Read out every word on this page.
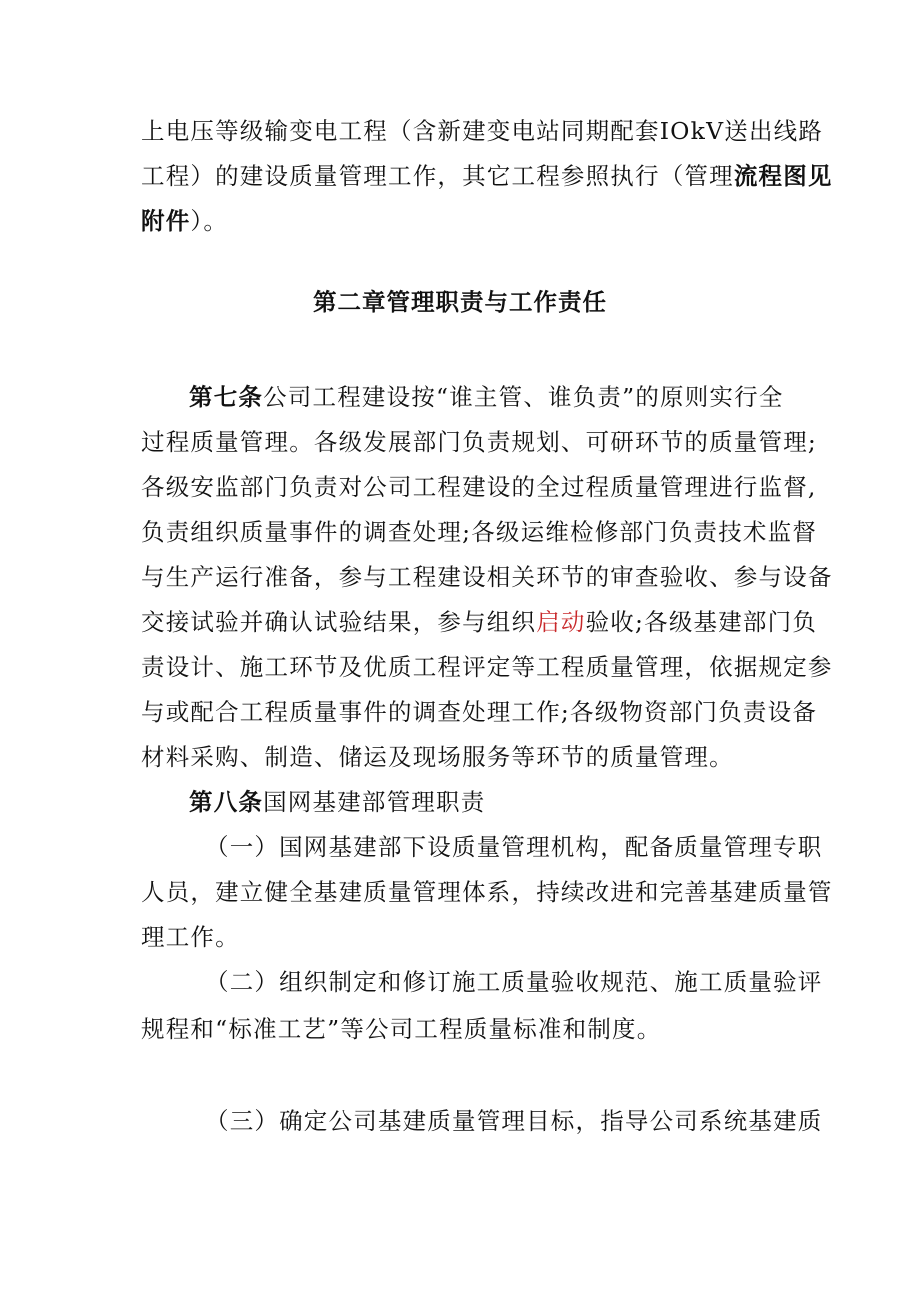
上电压等级输变电工程（含新建变电站同期配套IOkV送出线路
工程）的建设质量管理工作，其它工程参照执行（管理流程图见
附件）。
第二章管理职责与工作责任
第七条公司工程建设按“谁主管、谁负责”的原则实行全
过程质量管理。各级发展部门负责规划、可研环节的质量管理;
各级安监部门负责对公司工程建设的全过程质量管理进行监督,
负责组织质量事件的调查处理;各级运维检修部门负责技术监督
与生产运行准备，参与工程建设相关环节的审查验收、参与设备
交接试验并确认试验结果，参与组织启动验收;各级基建部门负
责设计、施工环节及优质工程评定等工程质量管理，依据规定参
与或配合工程质量事件的调查处理工作;各级物资部门负责设备
材料采购、制造、储运及现场服务等环节的质量管理。
第八条国网基建部管理职责
（一）国网基建部下设质量管理机构，配备质量管理专职
人员，建立健全基建质量管理体系，持续改进和完善基建质量管
理工作。
（二）组织制定和修订施工质量验收规范、施工质量验评
规程和“标准工艺”等公司工程质量标准和制度。
（三）确定公司基建质量管理目标，指导公司系统基建质
